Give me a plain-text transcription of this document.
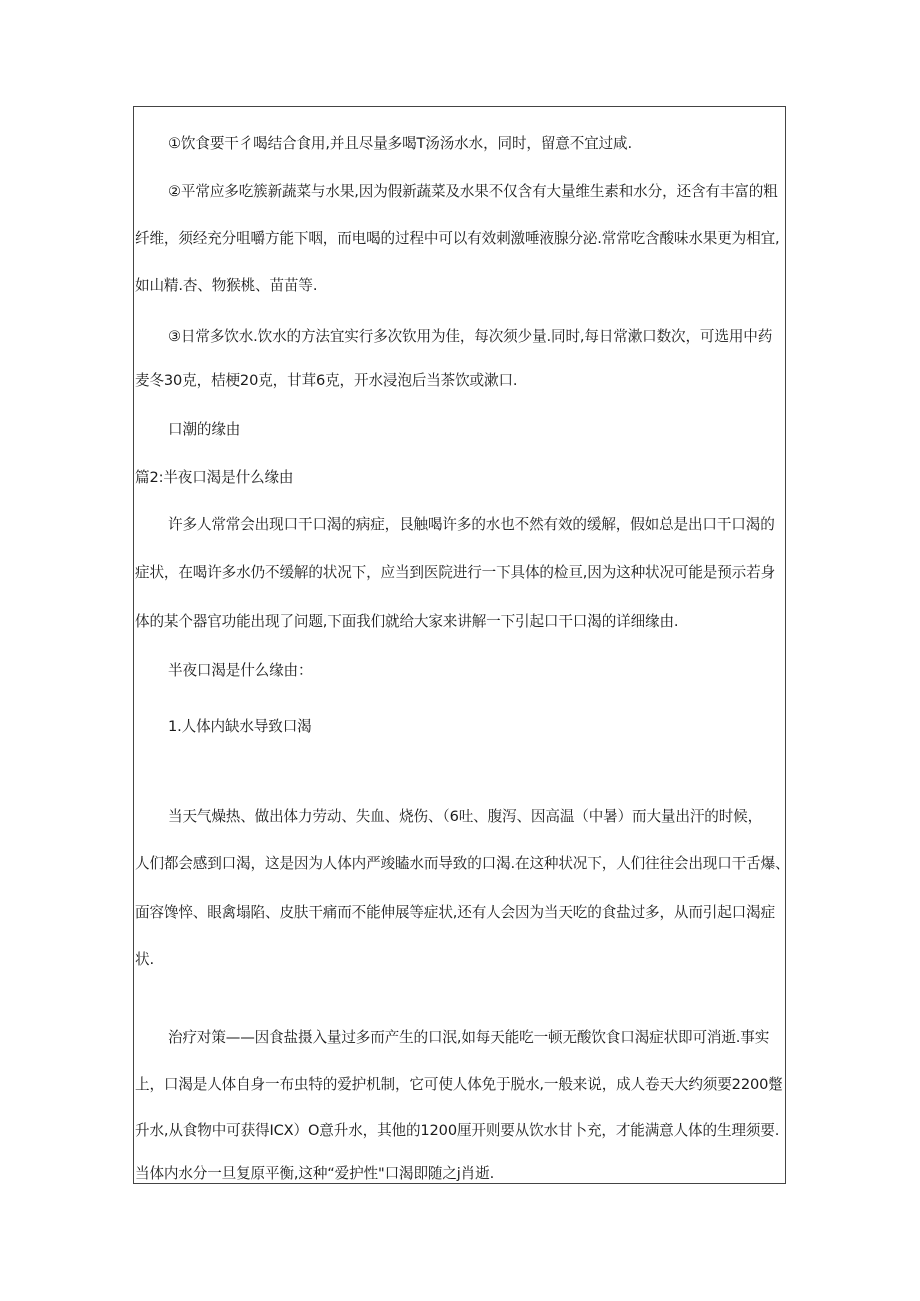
①饮食要干彳喝结合食用,并且尽量多喝T汤汤水水，同时，留意不宜过咸.
②平常应多吃簇新蔬菜与水果,因为假新蔬菜及水果不仅含有大量维生素和水分，还含有丰富的粗
纤维，须经充分咀嚼方能下咽，而电喝的过程中可以有效刺激唾液腺分泌.常常吃含酸味水果更为相宜,
如山精.杏、物猴桃、苗苗等.
③日常多饮水.饮水的方法宜实行多次钦用为佳，每次须少量.同时,每日常漱口数次，可选用中药
麦冬30克，桔梗20克，甘茸6克，开水浸泡后当茶饮或漱口.
口潮的缘由
篇2:半夜口渴是什么缘由
许多人常常会出现口干口渴的病症，艮触喝许多的水也不然有效的缓解，假如总是出口干口渴的
症状，在喝许多水仍不缓解的状况下，应当到医院进行一下具体的检亘,因为这种状况可能是预示若身
体的某个器官功能出现了问题,下面我们就给大家来讲解一下引起口干口渴的详细缘由.
半夜口渴是什么缘由：
1.人体内缺水导致口渴
当天气燥热、做出体力劳动、失血、烧伤、（6吐、腹泻、因高温（中暑）而大量出汗的时候，
人们都会感到口渴，这是因为人体内严竣瞌水而导致的口渴.在这种状况下，人们往往会出现口干舌爆、
面容馋悴、眼禽塌陷、皮肤干痛而不能伸展等症状,还有人会因为当天吃的食盐过多，从而引起口渴症
状.
治疗对策——因食盐摄入量过多而产生的口泯,如每天能吃一顿无酸饮食口渴症状即可消逝.事实
上，口渴是人体自身一布虫特的爱护机制，它可使人体免于脱水,一般来说，成人卷天大约须要2200蹩
升水,从食物中可获得ICX）O意升水，其他的1200厘开则要从饮水甘卜充，才能满意人体的生理须要.
当体内水分一旦复原平衡,这种“爱护性"口渴即随之j肖逝.
